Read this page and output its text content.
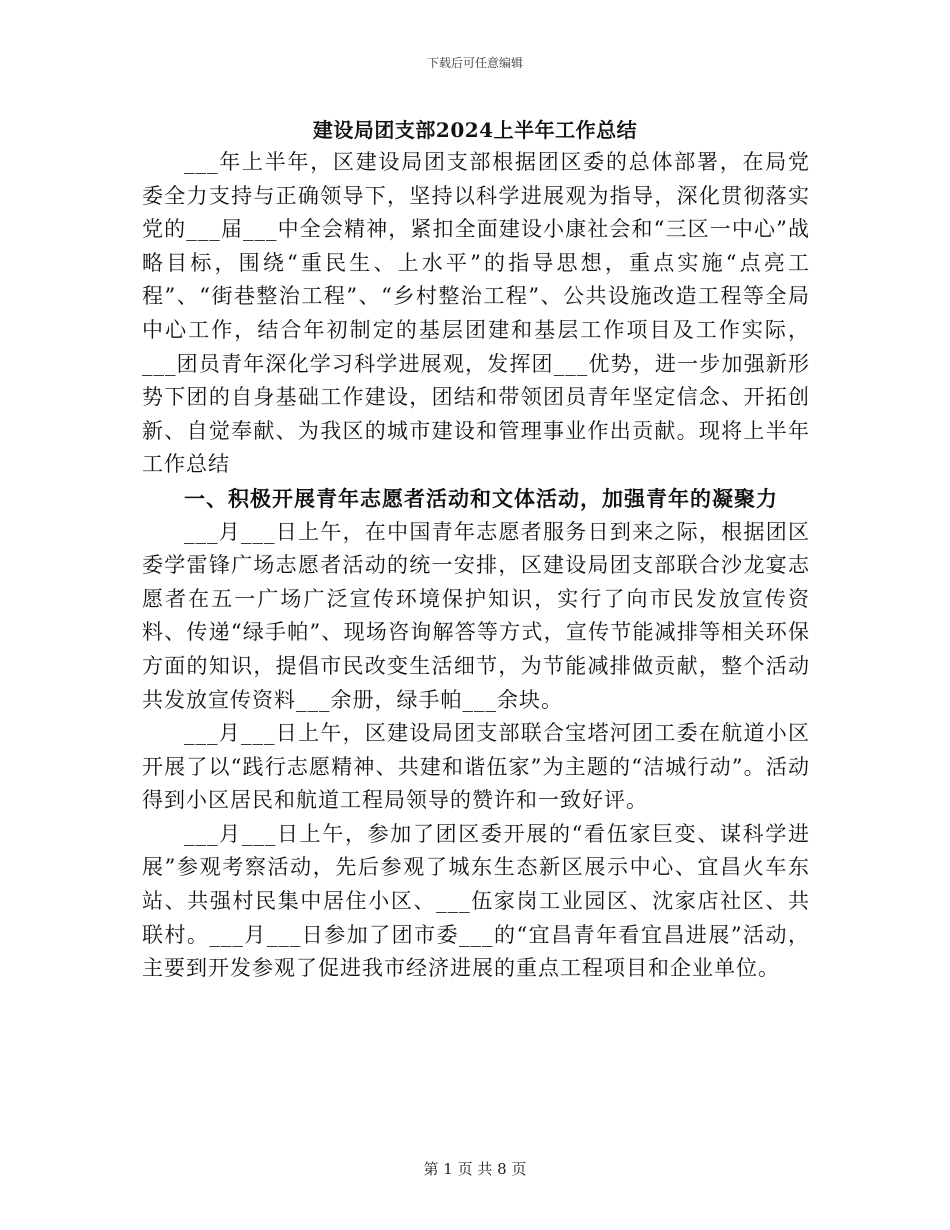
下载后可任意编辑
建设局团支部2024上半年工作总结

___年上半年，区建设局团支部根据团区委的总体部署，在局党委全力支持与正确领导下，坚持以科学进展观为指导，深化贯彻落实党的___届___中全会精神，紧扣全面建设小康社会和“三区一中心”战略目标，围绕“重民生、上水平”的指导思想，重点实施“点亮工程”、“街巷整治工程”、“乡村整治工程”、公共设施改造工程等全局中心工作，结合年初制定的基层团建和基层工作项目及工作实际，___团员青年深化学习科学进展观，发挥团___优势，进一步加强新形势下团的自身基础工作建设，团结和带领团员青年坚定信念、开拓创新、自觉奉献、为我区的城市建设和管理事业作出贡献。现将上半年工作总结

一、积极开展青年志愿者活动和文体活动，加强青年的凝聚力

___月___日上午，在中国青年志愿者服务日到来之际，根据团区委学雷锋广场志愿者活动的统一安排，区建设局团支部联合沙龙宴志愿者在五一广场广泛宣传环境保护知识，实行了向市民发放宣传资料、传递“绿手帕”、现场咨询解答等方式，宣传节能减排等相关环保方面的知识，提倡市民改变生活细节，为节能减排做贡献，整个活动共发放宣传资料___余册，绿手帕___余块。

___月___日上午，区建设局团支部联合宝塔河团工委在航道小区开展了以“践行志愿精神、共建和谐伍家”为主题的“洁城行动”。活动得到小区居民和航道工程局领导的赞许和一致好评。

___月___日上午，参加了团区委开展的“看伍家巨变、谋科学进展”参观考察活动，先后参观了城东生态新区展示中心、宜昌火车东站、共强村民集中居住小区、___伍家岗工业园区、沈家店社区、共联村。___月___日参加了团市委___的“宜昌青年看宜昌进展”活动，主要到开发参观了促进我市经济进展的重点工程项目和企业单位。

第 1 页 共 8 页
